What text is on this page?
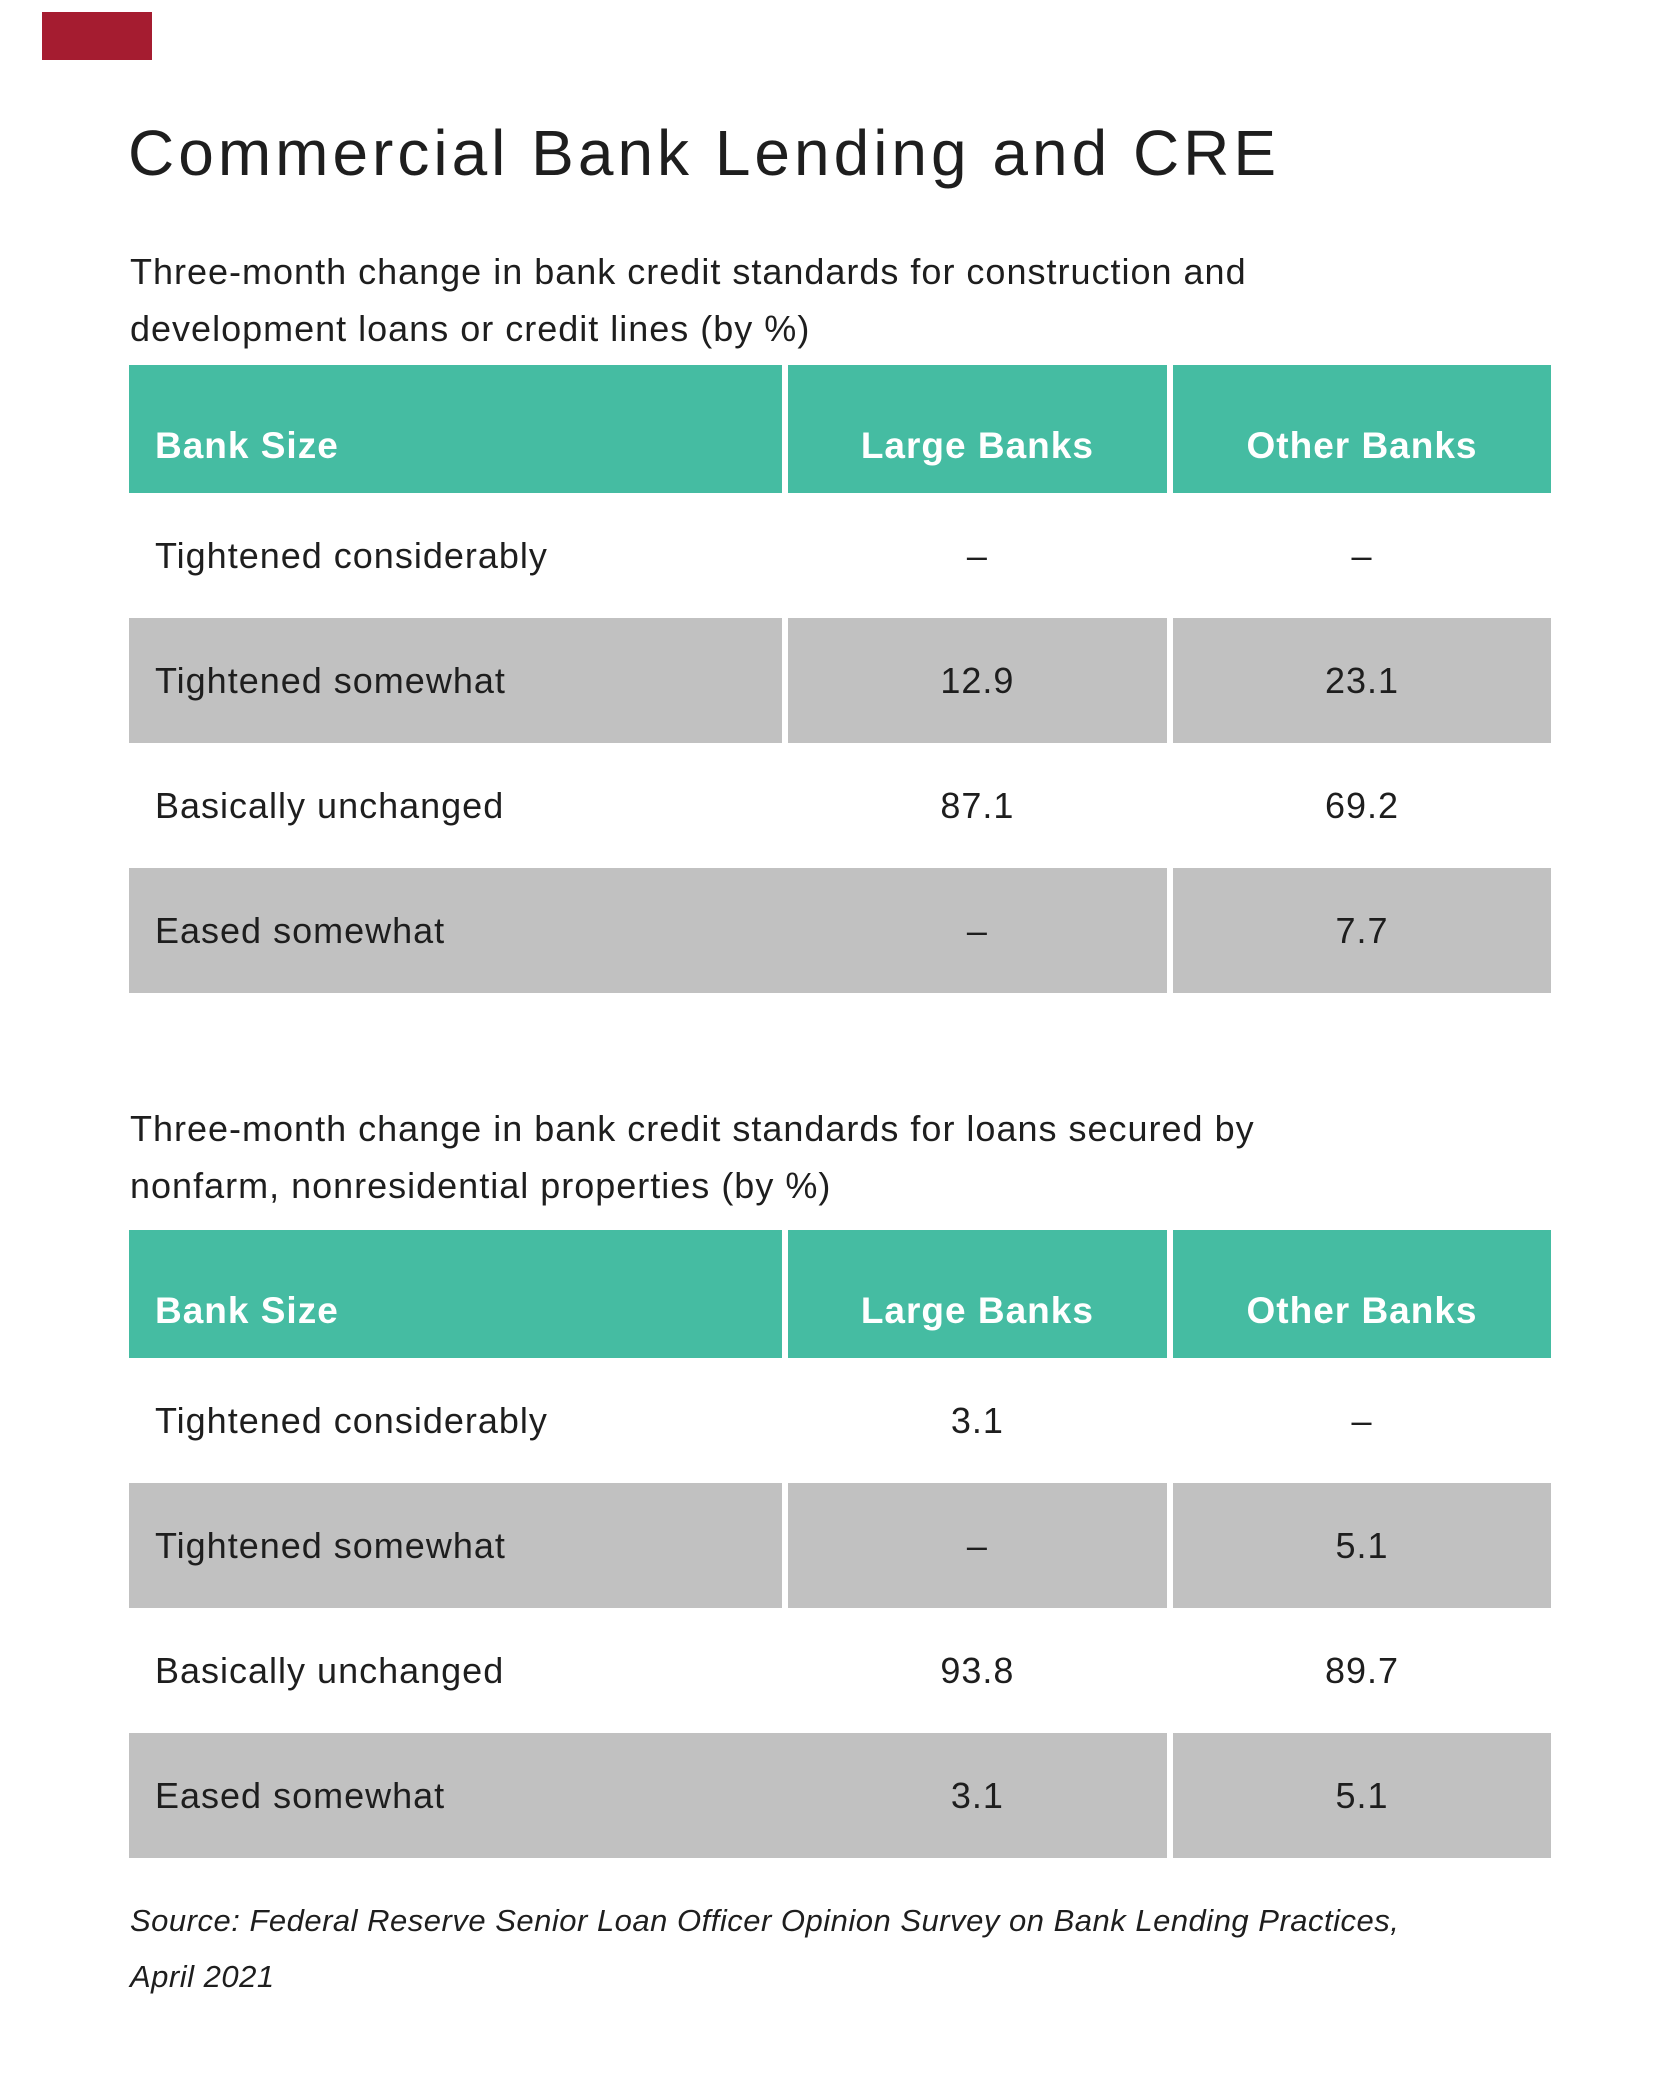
Commercial Bank Lending and CRE

Three-month change in bank credit standards for construction and
development loans or credit lines (by %)

Bank Size	Large Banks	Other Banks
Tightened considerably	–	–
Tightened somewhat	12.9	23.1
Basically unchanged	87.1	69.2
Eased somewhat	–	7.7

Three-month change in bank credit standards for loans secured by
nonfarm, nonresidential properties (by %)

Bank Size	Large Banks	Other Banks
Tightened considerably	3.1	–
Tightened somewhat	–	5.1
Basically unchanged	93.8	89.7
Eased somewhat	3.1	5.1

Source: Federal Reserve Senior Loan Officer Opinion Survey on Bank Lending Practices,
April 2021
